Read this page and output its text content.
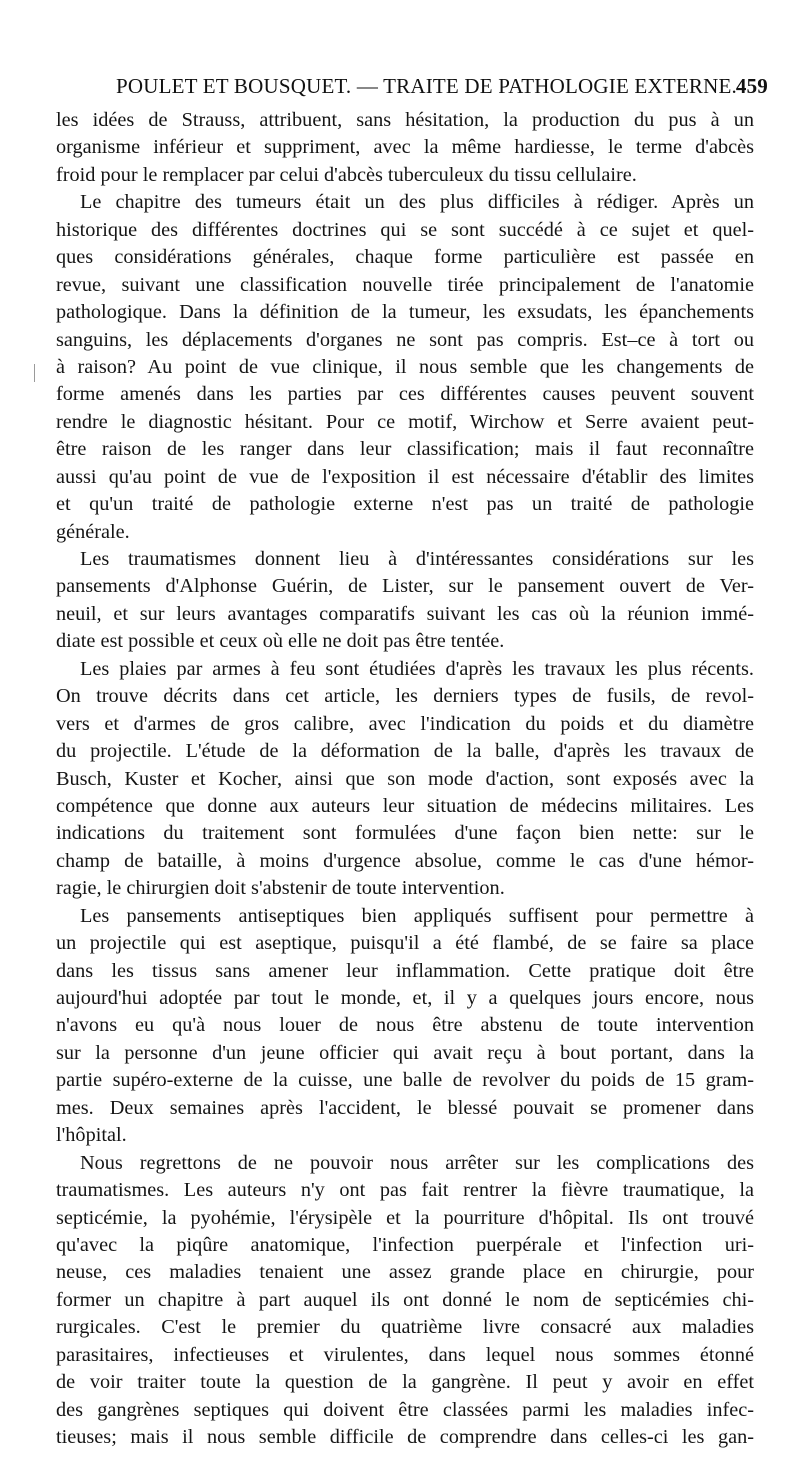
POULET ET BOUSQUET. — TRAITE DE PATHOLOGIE EXTERNE.
459
les idées de Strauss, attribuent, sans hésitation, la production du pus à un
organisme inférieur et suppriment, avec la même hardiesse, le terme d'abcès
froid pour le remplacer par celui d'abcès tuberculeux du tissu cellulaire.
Le chapitre des tumeurs était un des plus difficiles à rédiger. Après un
historique des différentes doctrines qui se sont succédé à ce sujet et quel-
ques considérations générales, chaque forme particulière est passée en
revue, suivant une classification nouvelle tirée principalement de l'anatomie
pathologique. Dans la définition de la tumeur, les exsudats, les épanchements
sanguins, les déplacements d'organes ne sont pas compris. Est–ce à tort ou
à raison? Au point de vue clinique, il nous semble que les changements de
forme amenés dans les parties par ces différentes causes peuvent souvent
rendre le diagnostic hésitant. Pour ce motif, Wirchow et Serre avaient peut-
être raison de les ranger dans leur classification; mais il faut reconnaître
aussi qu'au point de vue de l'exposition il est nécessaire d'établir des limites
et qu'un traité de pathologie externe n'est pas un traité de pathologie
générale.
Les traumatismes donnent lieu à d'intéressantes considérations sur les
pansements d'Alphonse Guérin, de Lister, sur le pansement ouvert de Ver-
neuil, et sur leurs avantages comparatifs suivant les cas où la réunion immé-
diate est possible et ceux où elle ne doit pas être tentée.
Les plaies par armes à feu sont étudiées d'après les travaux les plus récents.
On trouve décrits dans cet article, les derniers types de fusils, de revol-
vers et d'armes de gros calibre, avec l'indication du poids et du diamètre
du projectile. L'étude de la déformation de la balle, d'après les travaux de
Busch, Kuster et Kocher, ainsi que son mode d'action, sont exposés avec la
compétence que donne aux auteurs leur situation de médecins militaires. Les
indications du traitement sont formulées d'une façon bien nette: sur le
champ de bataille, à moins d'urgence absolue, comme le cas d'une hémor-
ragie, le chirurgien doit s'abstenir de toute intervention.
Les pansements antiseptiques bien appliqués suffisent pour permettre à
un projectile qui est aseptique, puisqu'il a été flambé, de se faire sa place
dans les tissus sans amener leur inflammation. Cette pratique doit être
aujourd'hui adoptée par tout le monde, et, il y a quelques jours encore, nous
n'avons eu qu'à nous louer de nous être abstenu de toute intervention
sur la personne d'un jeune officier qui avait reçu à bout portant, dans la
partie supéro-externe de la cuisse, une balle de revolver du poids de 15 gram-
mes. Deux semaines après l'accident, le blessé pouvait se promener dans
l'hôpital.
Nous regrettons de ne pouvoir nous arrêter sur les complications des
traumatismes. Les auteurs n'y ont pas fait rentrer la fièvre traumatique, la
septicémie, la pyohémie, l'érysipèle et la pourriture d'hôpital. Ils ont trouvé
qu'avec la piqûre anatomique, l'infection puerpérale et l'infection uri-
neuse, ces maladies tenaient une assez grande place en chirurgie, pour
former un chapitre à part auquel ils ont donné le nom de septicémies chi-
rurgicales. C'est le premier du quatrième livre consacré aux maladies
parasitaires, infectieuses et virulentes, dans lequel nous sommes étonné
de voir traiter toute la question de la gangrène. Il peut y avoir en effet
des gangrènes septiques qui doivent être classées parmi les maladies infec-
tieuses; mais il nous semble difficile de comprendre dans celles-ci les gan-
